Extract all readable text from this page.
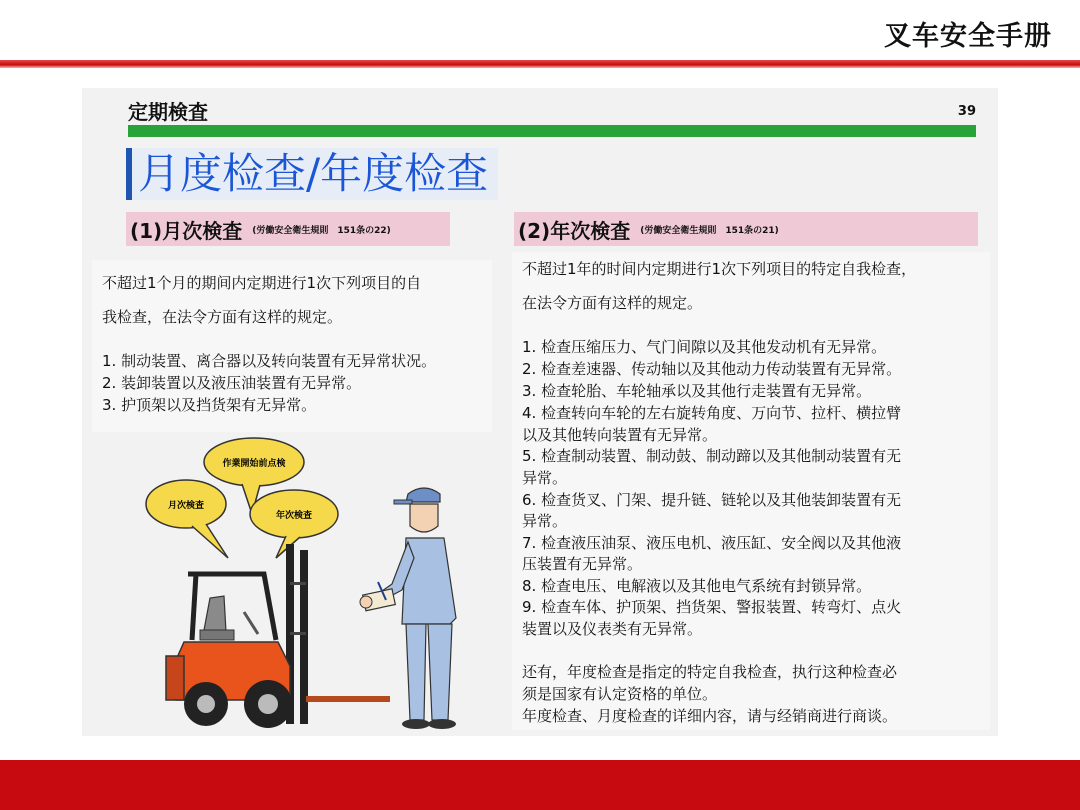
叉车安全手册
定期検査	39
月度检查/年度检查
(1)月次検査 (労働安全衛生規則　151条の22)	(2)年次検査 (労働安全衛生規則　151条の21)
不超过1个月的期间内定期进行1次下列项目的自
我检查，在法令方面有这样的规定。
1. 制动装置、离合器以及转向装置有无异常状况。
2. 装卸装置以及液压油装置有无异常。
3. 护顶架以及挡货架有无异常。
不超过1年的时间内定期进行1次下列项目的特定自我检查，
在法令方面有这样的规定。
1. 检查压缩压力、气门间隙以及其他发动机有无异常。
2. 检查差速器、传动轴以及其他动力传动装置有无异常。
3. 检查轮胎、车轮轴承以及其他行走装置有无异常。
4. 检查转向车轮的左右旋转角度、万向节、拉杆、横拉臂
以及其他转向装置有无异常。
5. 检查制动装置、制动鼓、制动蹄以及其他制动装置有无
异常。
6. 检查货叉、门架、提升链、链轮以及其他装卸装置有无
异常。
7. 检查液压油泵、液压电机、液压缸、安全阀以及其他液
压装置有无异常。
8. 检查电压、电解液以及其他电气系统有封锁异常。
9. 检查车体、护顶架、挡货架、警报装置、转弯灯、点火
装置以及仪表类有无异常。
还有，年度检查是指定的特定自我检查，执行这种检查必
须是国家有认定资格的单位。
年度检查、月度检查的详细内容，请与经销商进行商谈。
作業開始前点検
月次検査
年次検査
